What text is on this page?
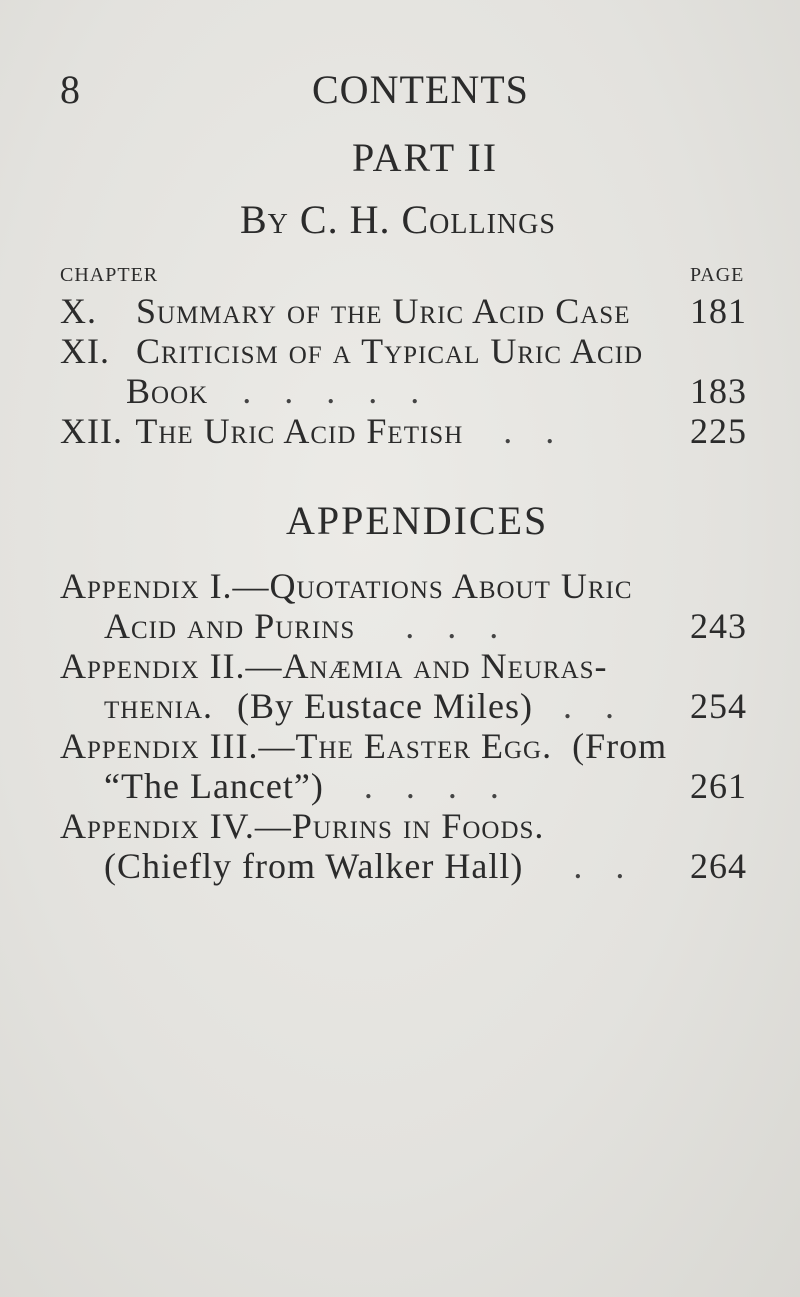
8	CONTENTS
PART II
By C. H. Collings
CHAPTER	PAGE
X. Summary of the Uric Acid Case 181
XI. Criticism of a Typical Uric Acid
Book . . . . .	183
XII. The Uric Acid Fetish . .	225
APPENDICES
Appendix I.—Quotations About Uric
Acid and Purins . . .	243
Appendix II.—Anæmia and Neuras-
thenia. (By Eustace Miles) . . 254
Appendix III.—The Easter Egg. (From
“The Lancet”) . . . .	261
Appendix IV.—Purins in Foods.
(Chiefly from Walker Hall) . . 264
